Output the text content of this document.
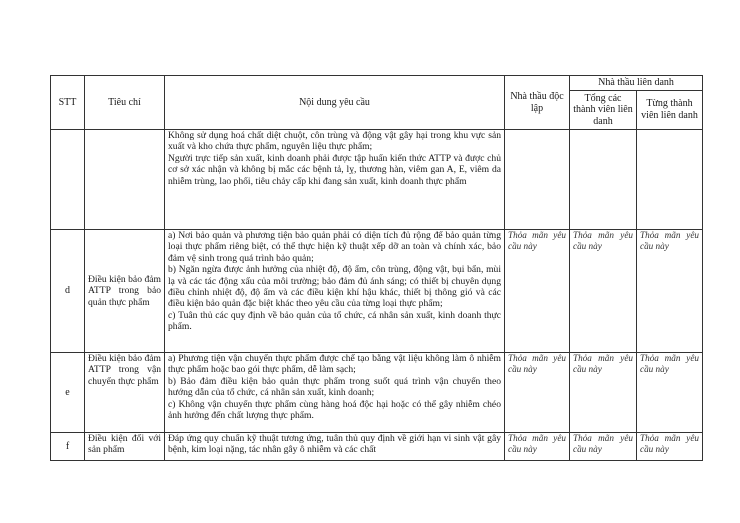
STT	Tiêu chí	Nội dung yêu cầu	Nhà thầu độc lập	Nhà thầu liên danh	
				Tổng các thành viên liên danh	Từng thành viên liên danh

		Không sử dụng hoá chất diệt chuột, côn trùng và động vật gây hại trong khu vực sản xuất và kho chứa thực phẩm, nguyên liệu thực phẩm;
Người trực tiếp sản xuất, kinh doanh phải được tập huấn kiến thức ATTP và được chủ cơ sở xác nhận và không bị mắc các bệnh tả, lỵ, thương hàn, viêm gan A, E, viêm da nhiễm trùng, lao phổi, tiêu chảy cấp khi đang sản xuất, kinh doanh thực phẩm			

d	Điều kiện bảo đảm ATTP trong bảo quản thực phẩm	a) Nơi bảo quản và phương tiện bảo quản phải có diện tích đủ rộng để bảo quản từng loại thực phẩm riêng biệt, có thể thực hiện kỹ thuật xếp dỡ an toàn và chính xác, bảo đảm vệ sinh trong quá trình bảo quản;
b) Ngăn ngừa được ảnh hưởng của nhiệt độ, độ ẩm, côn trùng, động vật, bụi bẩn, mùi lạ và các tác động xấu của môi trường; bảo đảm đủ ánh sáng; có thiết bị chuyên dụng điều chỉnh nhiệt độ, độ ẩm và các điều kiện khí hậu khác, thiết bị thông gió và các điều kiện bảo quản đặc biệt khác theo yêu cầu của từng loại thực phẩm;
c) Tuân thủ các quy định về bảo quản của tổ chức, cá nhân sản xuất, kinh doanh thực phẩm.	Thỏa mãn yêu cầu này	Thỏa mãn yêu cầu này	Thỏa mãn yêu cầu này
e	Điều kiện bảo đảm ATTP trong vận chuyển thực phẩm	a) Phương tiện vận chuyển thực phẩm được chế tạo bằng vật liệu không làm ô nhiễm thực phẩm hoặc bao gói thực phẩm, dễ làm sạch;
b) Bảo đảm điều kiện bảo quản thực phẩm trong suốt quá trình vận chuyển theo hướng dẫn của tổ chức, cá nhân sản xuất, kinh doanh;
c) Không vận chuyển thực phẩm cùng hàng hoá độc hại hoặc có thể gây nhiễm chéo ảnh hưởng đến chất lượng thực phẩm.	Thỏa mãn yêu cầu này	Thỏa mãn yêu cầu này	Thỏa mãn yêu cầu này
f	Điều kiện đối với sản phẩm	Đáp ứng quy chuẩn kỹ thuật tương ứng, tuân thủ quy định về giới hạn vi sinh vật gây bệnh, kim loại nặng, tác nhân gây ô nhiễm và các chất	Thỏa mãn yêu cầu này	Thỏa mãn yêu cầu này	Thỏa mãn yêu cầu này
